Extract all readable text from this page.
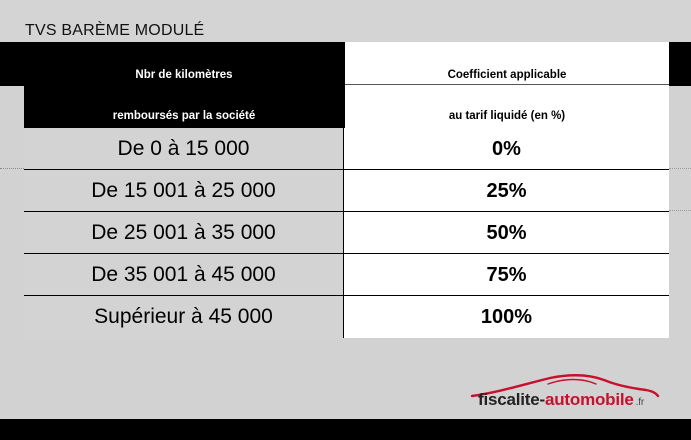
TVS BARÈME MODULÉ
Nbr de kilomètres
remboursés par la société
Coefficient applicable
au tarif liquidé (en %)
De 0 à 15 000	0%
De 15 001 à 25 000	25%
De 25 001 à 35 000	50%
De 35 001 à 45 000	75%
Supérieur à 45 000	100%
fiscalite-automobile .fr
